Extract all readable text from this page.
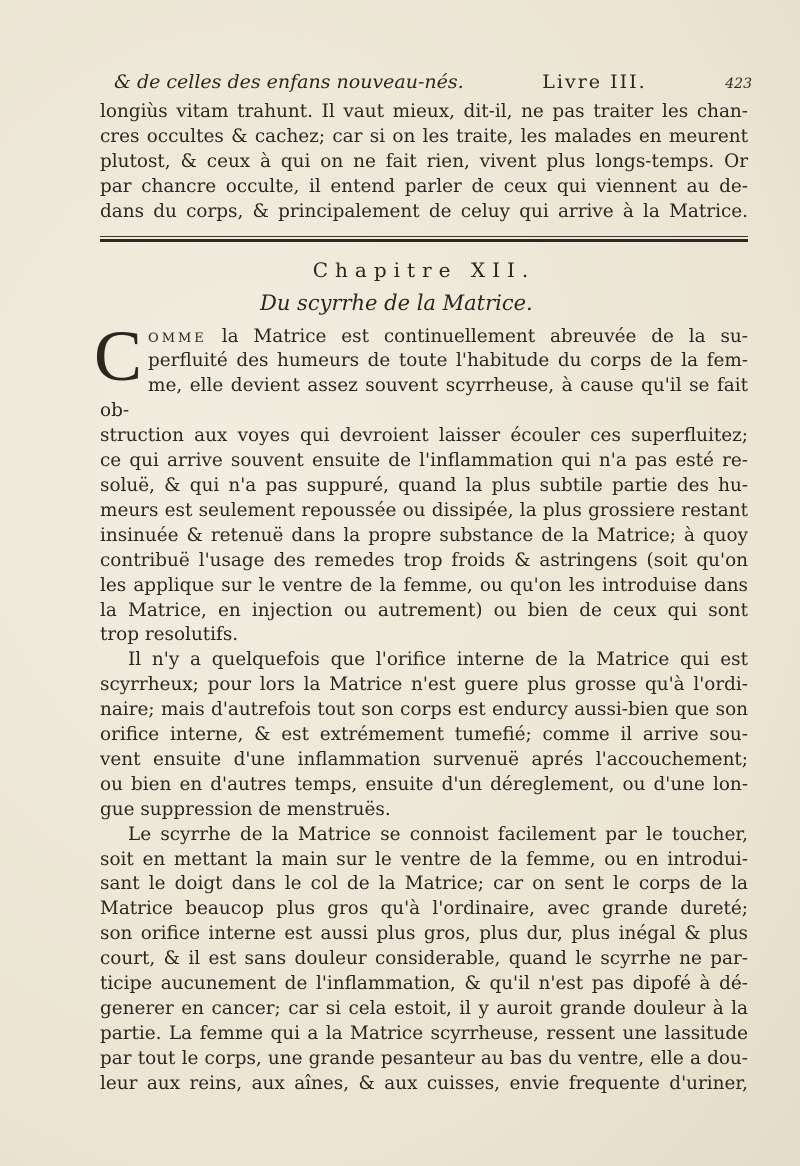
& de celles des enfans nouveau-nés.	Livre III.	423

longiùs vitam trahunt. Il vaut mieux, dit-il, ne pas traiter les chan-

cres occultes & cachez; car si on les traite, les malades en meurent

plutost, & ceux à qui on ne fait rien, vivent plus longs-temps. Or

par chancre occulte, il entend parler de ceux qui viennent au de-

dans du corps, & principalement de celuy qui arrive à la Matrice.

Chapitre XII.
Du scyrrhe de la Matrice.
C omme la Matrice est continuellement abreuvée de la su-

perfluité des humeurs de toute l'habitude du corps de la fem-

me, elle devient assez souvent scyrrheuse, à cause qu'il se fait ob-

struction aux voyes qui devroient laisser écouler ces superfluitez;

ce qui arrive souvent ensuite de l'inflammation qui n'a pas esté re-

soluë, & qui n'a pas suppuré, quand la plus subtile partie des hu-

meurs est seulement repoussée ou dissipée, la plus grossiere restant

insinuée & retenuë dans la propre substance de la Matrice; à quoy

contribuë l'usage des remedes trop froids & astringens (soit qu'on

les applique sur le ventre de la femme, ou qu'on les introduise dans

la Matrice, en injection ou autrement) ou bien de ceux qui sont

trop resolutifs.

Il n'y a quelquefois que l'orifice interne de la Matrice qui est

scyrrheux; pour lors la Matrice n'est guere plus grosse qu'à l'ordi-

naire; mais d'autrefois tout son corps est endurcy aussi-bien que son

orifice interne, & est extrémement tumefié; comme il arrive sou-

vent ensuite d'une inflammation survenuë aprés l'accouchement;

ou bien en d'autres temps, ensuite d'un déreglement, ou d'une lon-

gue suppression de menstruës.

Le scyrrhe de la Matrice se connoist facilement par le toucher,

soit en mettant la main sur le ventre de la femme, ou en introdui-

sant le doigt dans le col de la Matrice; car on sent le corps de la

Matrice beaucop plus gros qu'à l'ordinaire, avec grande dureté;

son orifice interne est aussi plus gros, plus dur, plus inégal & plus

court, & il est sans douleur considerable, quand le scyrrhe ne par-

ticipe aucunement de l'inflammation, & qu'il n'est pas dipofé à dé-

generer en cancer; car si cela estoit, il y auroit grande douleur à la

partie. La femme qui a la Matrice scyrrheuse, ressent une lassitude

par tout le corps, une grande pesanteur au bas du ventre, elle a dou-

leur aux reins, aux aînes, & aux cuisses, envie frequente d'uriner,
